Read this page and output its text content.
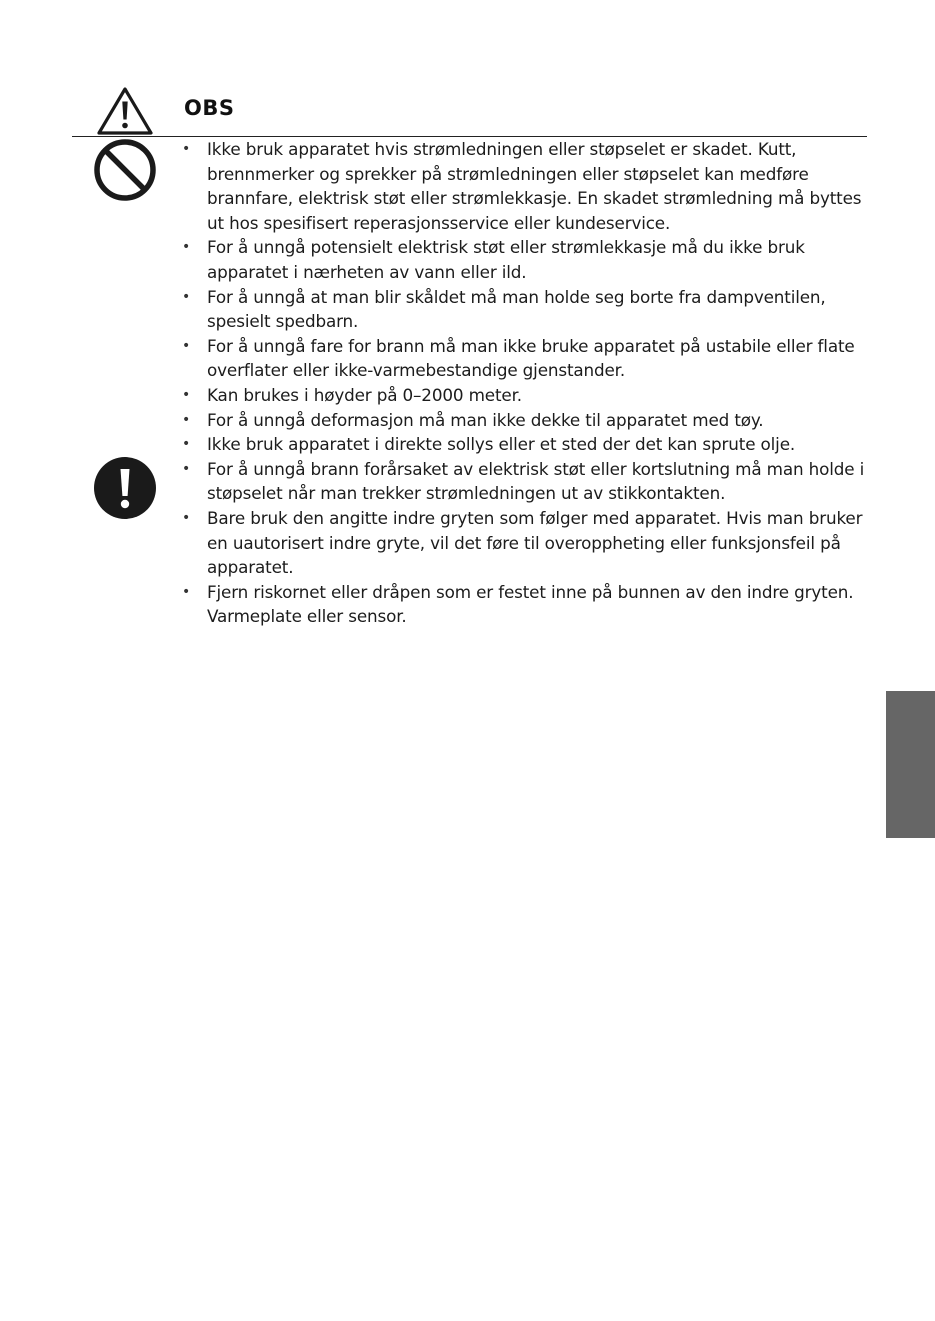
OBS
• Ikke bruk apparatet hvis strømledningen eller støpselet er skadet. Kutt, brennmerker og sprekker på strømledningen eller støpselet kan medføre brannfare, elektrisk støt eller strømlekkasje. En skadet strømledning må byttes ut hos spesifisert reperasjonsservice eller kundeservice.
• For å unngå potensielt elektrisk støt eller strømlekkasje må du ikke bruk apparatet i nærheten av vann eller ild.
• For å unngå at man blir skåldet må man holde seg borte fra dampventilen, spesielt spedbarn.
• For å unngå fare for brann må man ikke bruke apparatet på ustabile eller flate overflater eller ikke-varmebestandige gjenstander.
• Kan brukes i høyder på 0–2000 meter.
• For å unngå deformasjon må man ikke dekke til apparatet med tøy.
• Ikke bruk apparatet i direkte sollys eller et sted der det kan sprute olje.
• For å unngå brann forårsaket av elektrisk støt eller kortslutning må man holde i støpselet når man trekker strømledningen ut av stikkontakten.
• Bare bruk den angitte indre gryten som følger med apparatet. Hvis man bruker en uautorisert indre gryte, vil det føre til overoppheting eller funksjonsfeil på apparatet.
• Fjern riskornet eller dråpen som er festet inne på bunnen av den indre gryten. Varmeplate eller sensor.
